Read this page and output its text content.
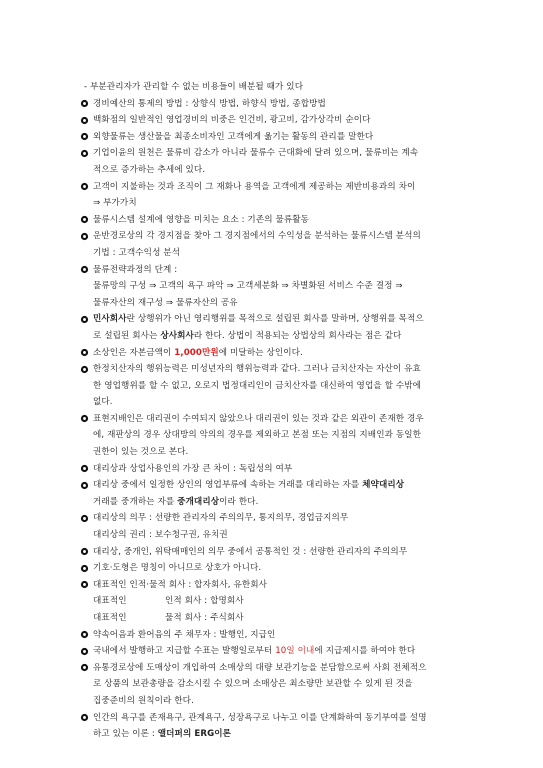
- 부분관리자가 관리할 수 없는 비용들이 배분될 때가 있다
경비예산의 통제의 방법 : 상향식 방법, 하향식 방법, 종합방법
백화점의 일반적인 영업경비의 비중은 인건비, 광고비, 감가상각비 순이다
외향물류는 생산물을 최종소비자인 고객에게 옮기는 활동의 관리를 말한다
기업이윤의 원천은 물류비 감소가 아니라 물류수 근대화에 달려 있으며, 물류비는 계속
적으로 증가하는 추세에 있다.
고객이 지불하는 것과 조직이 그 재화나 용역을 고객에게 제공하는 제반비용과의 차이
⇒ 부가가치
물류시스템 설계에 영향을 미치는 요소 : 기존의 물류활동
운반경로상의 각 경지점을 찾아 그 경지점에서의 수익성을 분석하는 물류시스템 분석의
기법 : 고객수익성 분석
물류전략과정의 단계 :
물류망의 구성 ⇒ 고객의 욕구 파악 ⇒ 고객세분화 ⇒ 차별화된 서비스 수준 결정 ⇒
물류자산의 재구성 ⇒ 물류자산의 공유
민사회사란 상행위가 아닌 영리행위를 목적으로 설립된 회사를 말하며, 상행위를 목적으
로 설립된 회사는 상사회사라 한다. 상법이 적용되는 상법상의 회사라는 점은 같다
소상인은 자본금액이 1,000만원에 미달하는 상인이다.
한정치산자의 행위능력은 미성년자의 행위능력과 같다. 그러나 금치산자는 자산이 유효
한 영업행위를 할 수 없고, 오로지 법정대리인이 금치산자를 대신하여 영업을 할 수밖에
없다.
표현지배인은 대리권이 수여되지 않았으나 대리권이 있는 것과 같은 외관이 존재한 경우
에, 재판상의 경우 상대방의 악의의 경우를 제외하고 본점 또는 지점의 지배인과 동일한
권한이 있는 것으로 본다.
대리상과 상업사용인의 가장 큰 차이 : 독립성의 여부
대리상 중에서 일정한 상인의 영업부류에 속하는 거래를 대리하는 자를 체약대리상
거래를 중개하는 자를 중개대리상이라 한다.
대리상의 의무 : 선량한 관리자의 주의의무, 통지의무, 경업금지의무
대리상의 권리 : 보수청구권, 유치권
대리상, 중개인, 위탁매매인의 의무 중에서 공통적인 것 : 선량한 관리자의 주의의무
기호·도형은 명칭이 아니므로 상호가 아니다.
대표적인 인적·물적 회사 : 합자회사, 유한회사
대표적인	인적 회사 : 합명회사
대표적인	물적 회사 : 주식회사
약속어음과 환어음의 주 채무자 : 발행인, 지급인
국내에서 발행하고 지급할 수표는 발행일로부터 10일 이내에 지급제시를 하여야 한다
유통경로상에 도매상이 개입하여 소매상의 대량 보관기능을 분담함으로써 사회 전체적으
로 상품의 보관총량을 감소시킬 수 있으며 소매상은 최소량만 보관할 수 있게 된 것을
집중준비의 원칙이라 한다.
인간의 욕구를 존재욕구, 관계욕구, 성장욕구로 나누고 이를 단계화하여 동기부여를 설명
하고 있는 이론 : 앨더퍼의 ERG이론
